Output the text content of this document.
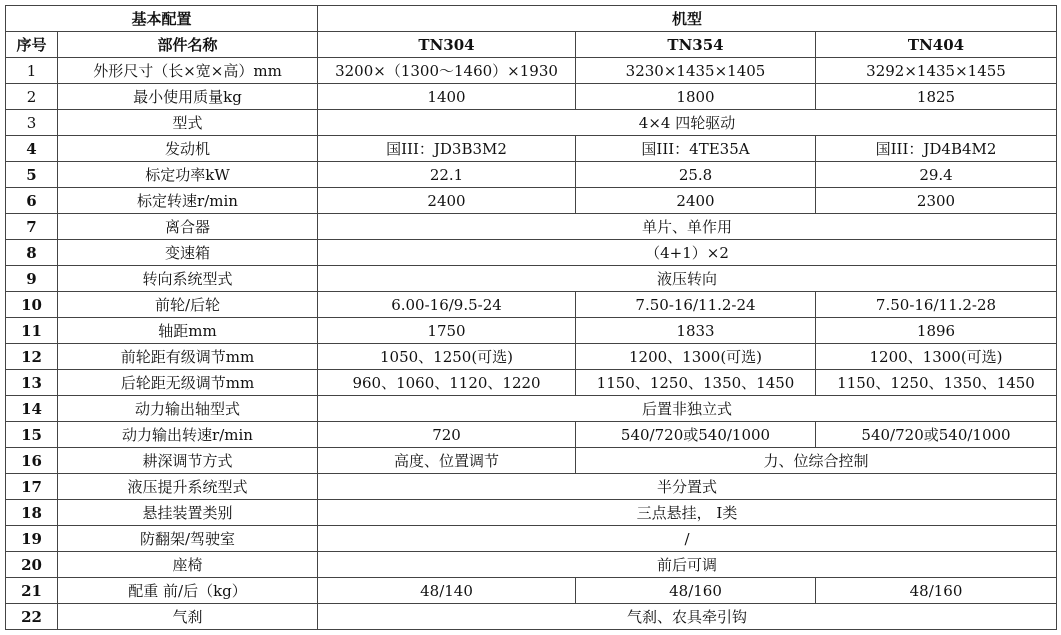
基本配置		机型		
序号	部件名称	TN304	TN354	TN404
1	外形尺寸（长×宽×高）mm	3200×（1300～1460）×1930	3230×1435×1405	3292×1435×1455
2	最小使用质量kg	1400	1800	1825
3	型式	4×4 四轮驱动		
4	发动机	国III：JD3B3M2	国III：4TE35A	国III：JD4B4M2
5	标定功率kW	22.1	25.8	29.4
6	标定转速r/min	2400	2400	2300
7	离合器	单片、单作用		
8	变速箱	（4+1）×2		
9	转向系统型式	液压转向		
10	前轮/后轮	6.00-16/9.5-24	7.50-16/11.2-24	7.50-16/11.2-28
11	轴距mm	1750	1833	1896
12	前轮距有级调节mm	1050、1250(可选)	1200、1300(可选)	1200、1300(可选)
13	后轮距无级调节mm	960、1060、1120、1220	1150、1250、1350、1450	1150、1250、1350、1450
14	动力输出轴型式	后置非独立式		
15	动力输出转速r/min	720	540/720或540/1000	540/720或540/1000
16	耕深调节方式	高度、位置调节	力、位综合控制	
17	液压提升系统型式	半分置式		
18	悬挂装置类别	三点悬挂， Ⅰ类		
19	防翻架/驾驶室	/		
20	座椅	前后可调		
21	配重 前/后（kg）	48/140	48/160	48/160
22	气刹	气刹、农具牵引钩		
